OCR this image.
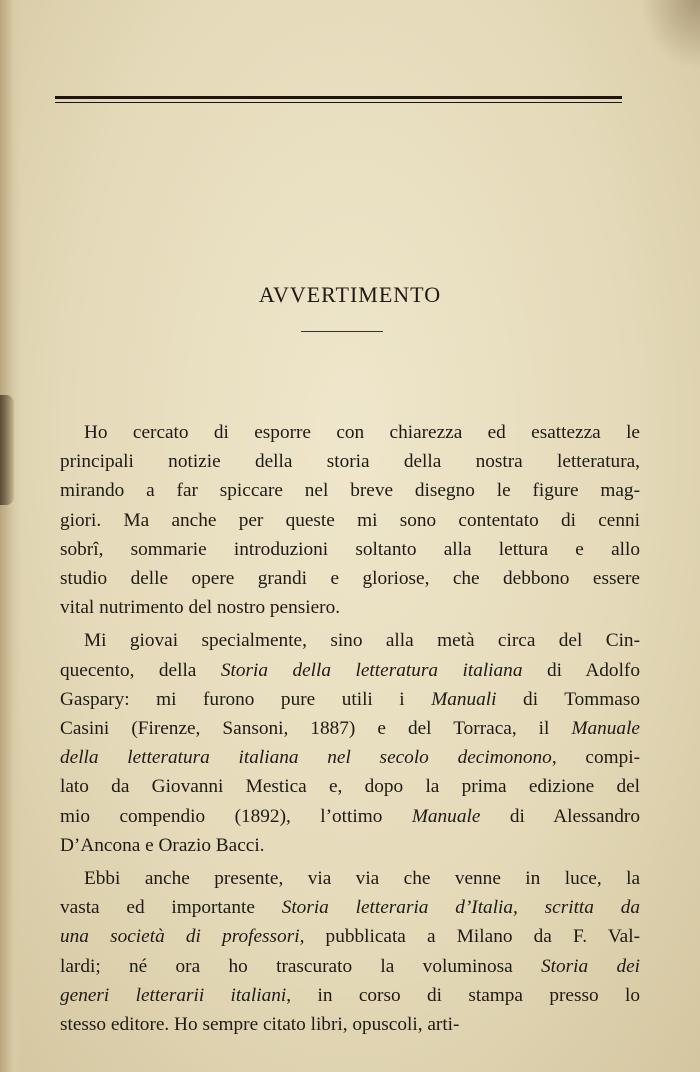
AVVERTIMENTO
Ho cercato di esporre con chiarezza ed esattezza le
principali notizie della storia della nostra letteratura,
mirando a far spiccare nel breve disegno le figure mag-
giori. Ma anche per queste mi sono contentato di cenni
sobrî, sommarie introduzioni soltanto alla lettura e allo
studio delle opere grandi e gloriose, che debbono essere
vital nutrimento del nostro pensiero.
Mi giovai specialmente, sino alla metà circa del Cin-
quecento, della Storia della letteratura italiana di Adolfo
Gaspary: mi furono pure utili i Manuali di Tommaso
Casini (Firenze, Sansoni, 1887) e del Torraca, il Manuale
della letteratura italiana nel secolo decimonono, compi-
lato da Giovanni Mestica e, dopo la prima edizione del
mio compendio (1892), l’ottimo Manuale di Alessandro
D’Ancona e Orazio Bacci.
Ebbi anche presente, via via che venne in luce, la
vasta ed importante Storia letteraria d’Italia, scritta da
una società di professori, pubblicata a Milano da F. Val-
lardi; né ora ho trascurato la voluminosa Storia dei
generi letterarii italiani, in corso di stampa presso lo
stesso editore. Ho sempre citato libri, opuscoli, arti-
